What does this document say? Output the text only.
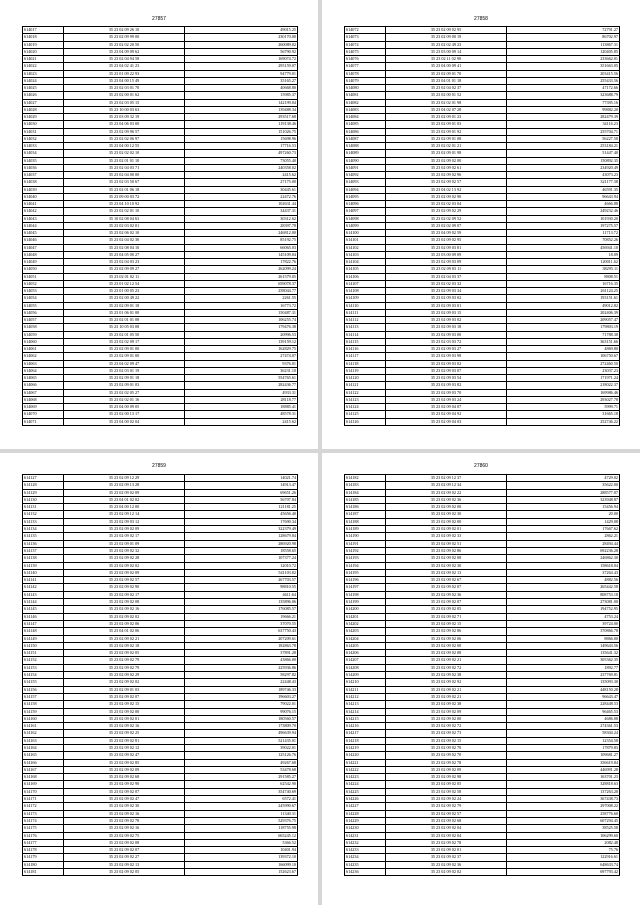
27857
614017	35 23 02 09 26 10	49015.25
614018	35 23 02 09 99 00	230170.00
614019	35 23 02 02 20 50	260089.02
614020	35 23 04 09 09 62	56790.92
614021	35 23 02 04 94 58	169074.72
614022	35 23 04 02 41 23	295159.07
614023	35 23 01 09 22 93	94779.01
614024	35 23 04 00 15 49	35165.27
614025	35 23 02 03 01 70	40668.80
614026	35 23 02 00 01 62	15985.37
614027	35 23 02 03 05 15	142199.04
614028	35 23 10 00 03 63	139488.34
614029	35 23 03 09 32 19	293517.68
614030	35 23 04 06 03 00	119138.46
614031	35 23 02 09 96 57	151026.75
614032	35 23 02 02 06 97	15698.96
614033	35 23 04 00 12 55	17716.53
614034	35 23 02 02 02 10	497260.73
614035	35 23 02 01 01 10	73055.40
614036	35 23 02 04 03 71	240358.02
614037	35 23 02 04 00 00	2415.62
614038	35 23 02 03 50 67	27175.00
614039	35 23 02 01 06 18	30445.61
614040	35 23 09 00 03 72	22472.76
614041	35 23 04 10 10 92	102631.44
614042	35 23 02 02 01 10	34437.31
614043	35 10 02 08 04 63	30312.62
614044	35 23 02 03 02 01	28397.78
614045	35 23 02 06 02 10	246812.00
614046	35 23 02 04 02 30	85192.75
614047	35 23 02 08 04 10	66065.03
614048	35 23 04 05 00 27	145109.04
614049	35 23 02 04 03 23	17822.76
614050	35 23 02 09 09 27	262099.24
614051	35 23 02 01 02 11	261579.05
614052	35 23 01 02 12 54	659078.37
614053	35 23 01 00 05 23	258044.77
614054	35 23 02 00 49 22	2261.55
614055	35 23 02 09 01 18	16773.72
614056	35 23 01 06 01 00	150487.31
614057	35 23 02 01 01 08	106255.74
614058	35 23 10 05 03 08	179476.38
614059	35 23 02 01 05 50	20996.53
614060	35 23 02 02 09 17	139159.12
614061	35 23 02 09 01 00	162829.75
614062	35 23 02 09 01 00	27474.07
614063	35 23 04 02 09 47	9376.01
614064	35 23 02 03 01 19	36231.10
614065	35 23 02 09 01 18	554765.61
614066	35 23 02 09 01 03	282436.77
614067	35 23 02 02 05 27	4933.31
614068	35 23 02 02 01 16	28118.77
614069	35 23 04 00 09 05	18885.41
614070	35 23 02 00 13 17	48578.31
614071	35 23 04 00 02 04	2415.62
27858
614072	35 23 02 09 02 95	72791.27
614073	35 23 02 09 00 19	86702.97
614074	35 23 02 02 49 23	113867.31
614075	35 23 03 00 09 14	120405.85
614076	35 23 02 11 02 90	233662.01
614077	35 23 04 00 09 41	351663.05
614078	35 23 02 09 01 70	203415.56
614079	35 23 04 01 01 18	255433.56
614080	35 23 02 04 02 37	47172.66
614081	35 23 02 00 01 52	323688.79
614082	35 23 02 02 01 98	77395.16
614083	35 23 04 02 07 28	99882.20
614084	35 23 02 09 01 23	282479.39
614085	35 23 02 09 01 03	34116.23
614086	35 23 02 09 01 92	255704.71
614087	35 23 02 09 01 08	56227.58
614088	35 23 02 02 01 21	253184.21
614089	35 23 02 09 01 98	51447.40
614090	35 23 02 09 02 00	150892.35
614091	35 23 02 09 02 61	234920.49
614092	35 23 02 09 02 96	43073.23
614093	35 23 02 09 02 57	321177.38
614094	35 23 04 02 13 92	46591.35
614095	35 23 02 09 02 90	96643.94
614096	35 23 02 02 03 04	4666.88
614097	35 23 02 09 02 29	249232.46
614098	35 23 02 02 09 52	101930.20
614099	35 23 02 02 09 07	197275.57
614100	35 23 04 09 02 59	11713.72
614101	35 23 02 09 02 95	70852.26
614102	35 23 02 09 03 81	456941.10
614103	35 23 03 00 09 09	18.09
614104	35 23 02 09 03 09	120011.62
614105	35 23 02 09 03 11	38295.11
614106	35 23 02 04 03 37	8808.51
614107	35 23 02 02 03 32	16716.35
614108	35 23 02 09 03 34	261124.25
614109	35 23 02 09 03 02	193151.61
614110	35 23 02 09 03 01	49012.82
614111	35 23 02 09 03 15	202406.39
614112	35 23 02 09 03 02	209057.47
614113	35 23 02 09 03 18	179803.19
614114	35 23 02 09 03 00	71788.38
614115	35 23 02 03 03 72	363151.66
614116	35 23 02 09 03 27	4869.80
614117	35 23 02 09 03 98	106750.67
614118	35 23 02 09 03 02	272460.50
614119	35 23 02 09 03 07	23037.23
614120	35 23 02 09 03 54	171971.24
614121	35 23 02 09 03 82	218022.37
614122	35 23 02 09 03 70	169986.46
614123	35 23 02 09 03 24	293027.78
614124	35 23 02 09 04 07	5999.71
614125	35 23 02 09 04 92	31665.18
614126	35 23 02 09 04 03	252746.22
27859
614127	35 23 02 09 12 29	14021.74
614128	35 23 02 09 13 28	14913.47
614129	35 23 02 09 02 09	69651.26
614130	35 23 04 01 02 02	56707.84
614131	35 23 04 00 12 00	121181.25
614132	35 23 02 09 12 14	45656.40
614133	35 23 02 09 03 12	17690.34
614134	35 23 02 09 02 09	322379.49
614135	35 23 02 09 02 17	128679.84
614136	35 23 02 09 01 09	286920.98
614137	35 23 02 09 02 32	18558.65
614138	35 23 02 09 02 28	107377.24
614139	35 23 02 09 02 02	12010.72
614140	35 23 02 09 02 09	541103.82
614141	35 23 02 09 02 57	267703.57
614142	35 23 02 09 02 90	98810.55
614143	35 23 02 09 02 17	4611.64
614144	35 23 02 09 02 08	135896.06
614145	35 23 02 09 02 16	176085.57
614146	35 23 02 09 02 02	19666.21
614147	35 23 02 09 02 06	37070.55
614148	35 23 04 01 02 06	637750.43
614149	35 23 02 09 02 21	207209.61
614150	35 23 02 09 02 18	182863.78
614151	35 23 02 09 02 05	37891.28
614152	35 23 02 09 02 79	43866.00
614153	35 23 02 09 02 79	225936.86
614154	35 23 02 09 02 29	58297.82
614155	35 23 02 09 02 02	22448.43
614156	35 23 02 09 01 03	189746.33
614157	35 23 02 09 02 07	196603.27
614158	35 23 02 09 02 15	79022.01
614159	35 23 02 09 02 00	99076.15
614160	35 23 02 09 02 01	180560.57
614161	35 23 02 09 02 16	173809.70
614162	35 23 02 09 02 25	496639.94
614163	35 23 02 09 02 81	521435.01
614164	35 23 02 09 02 12	39022.01
614165	35 23 02 09 02 47	125126.76
614166	35 23 02 09 02 85	49267.68
614167	35 23 02 09 02 09	53478.68
614168	35 23 02 09 02 68	291585.27
614169	35 23 02 09 02 90	62542.90
614170	35 23 02 09 02 07	354740.69
614171	35 23 02 09 02 47	6572.41
614172	35 23 02 09 02 30	245990.67
614173	35 23 02 09 02 16	11340.31
614174	35 23 02 09 02 78	529376.75
614175	35 23 02 09 02 16	118755.98
614176	35 23 02 09 02 75	665245.12
614177	35 23 02 09 02 08	5366.52
614178	35 23 02 09 02 07	10401.94
614179	35 23 02 09 02 27	139372.10
614180	35 23 02 09 02 13	166099.10
614181	35 23 02 09 02 05	152623.67
27860
614182	35 23 02 09 12 37	4729.02
614183	35 23 02 09 12 34	35622.00
614184	35 23 02 09 02 22	288577.07
614185	35 23 02 09 02 36	323948.87
614186	35 23 02 09 02 00	15456.94
614187	35 23 02 09 02 30	20.00
614188	35 23 02 09 02 00	1429.08
614189	35 23 02 09 02 01	17667.62
614190	35 23 02 09 02 33	2862.21
614191	35 23 02 09 02 51	28494.44
614192	35 23 02 09 02 86	692236.28
614193	35 23 02 09 02 08	246862.30
614194	35 23 02 09 02 30	158618.04
614195	35 23 02 09 02 13	37264.43
614196	35 23 02 09 02 67	4882.56
614197	35 23 02 09 02 07	265442.58
614198	35 23 02 09 02 36	808753.18
614199	35 23 02 09 02 07	273081.00
614200	35 23 02 09 02 05	194752.95
614201	35 23 02 09 02 71	4753.24
614202	35 23 02 09 02 15	39724.00
614203	35 23 02 09 02 86	370866.78
614204	35 23 02 09 02 06	8866.00
614205	35 23 02 09 02 00	149643.56
614206	35 23 02 09 02 08	135641.32
614207	35 23 02 09 02 21	305362.35
614208	35 23 02 09 02 72	1892.77
614209	35 23 02 09 02 38	237769.81
614210	35 23 02 09 02 92	135093.30
614211	35 23 02 09 02 21	448150.28
614212	35 23 02 09 02 21	96643.47
614213	35 23 02 09 02 38	228448.53
614214	35 23 02 09 02 09	96465.53
614215	35 23 02 09 02 00	4686.08
614216	35 23 02 09 02 72	274361.53
614217	35 23 02 09 02 73	58304.24
614218	35 23 02 09 02 15	12354.58
614219	35 23 02 09 02 70	17879.83
614220	35 23 02 09 02 70	109681.27
614221	35 23 02 09 02 78	356619.84
614222	35 23 02 09 02 09	446991.28
614223	35 23 02 09 02 98	163701.23
614224	35 23 02 09 02 05	328818.63
614225	35 23 02 09 02 58	137263.20
614226	35 23 02 09 02 24	367438.73
614227	35 23 02 09 02 79	297008.22
614228	35 23 02 09 02 57	258776.60
614229	35 23 02 09 02 68	607294.45
614230	35 23 02 09 02 04	38525.58
614231	35 23 02 09 02 04	106299.60
614232	35 23 02 09 02 78	2082.48
614233	35 23 02 09 02 01	75.76
614234	35 23 02 09 02 37	122916.61
614235	35 23 02 09 02 36	648633.74
614236	35 23 02 09 02 02	697793.42
